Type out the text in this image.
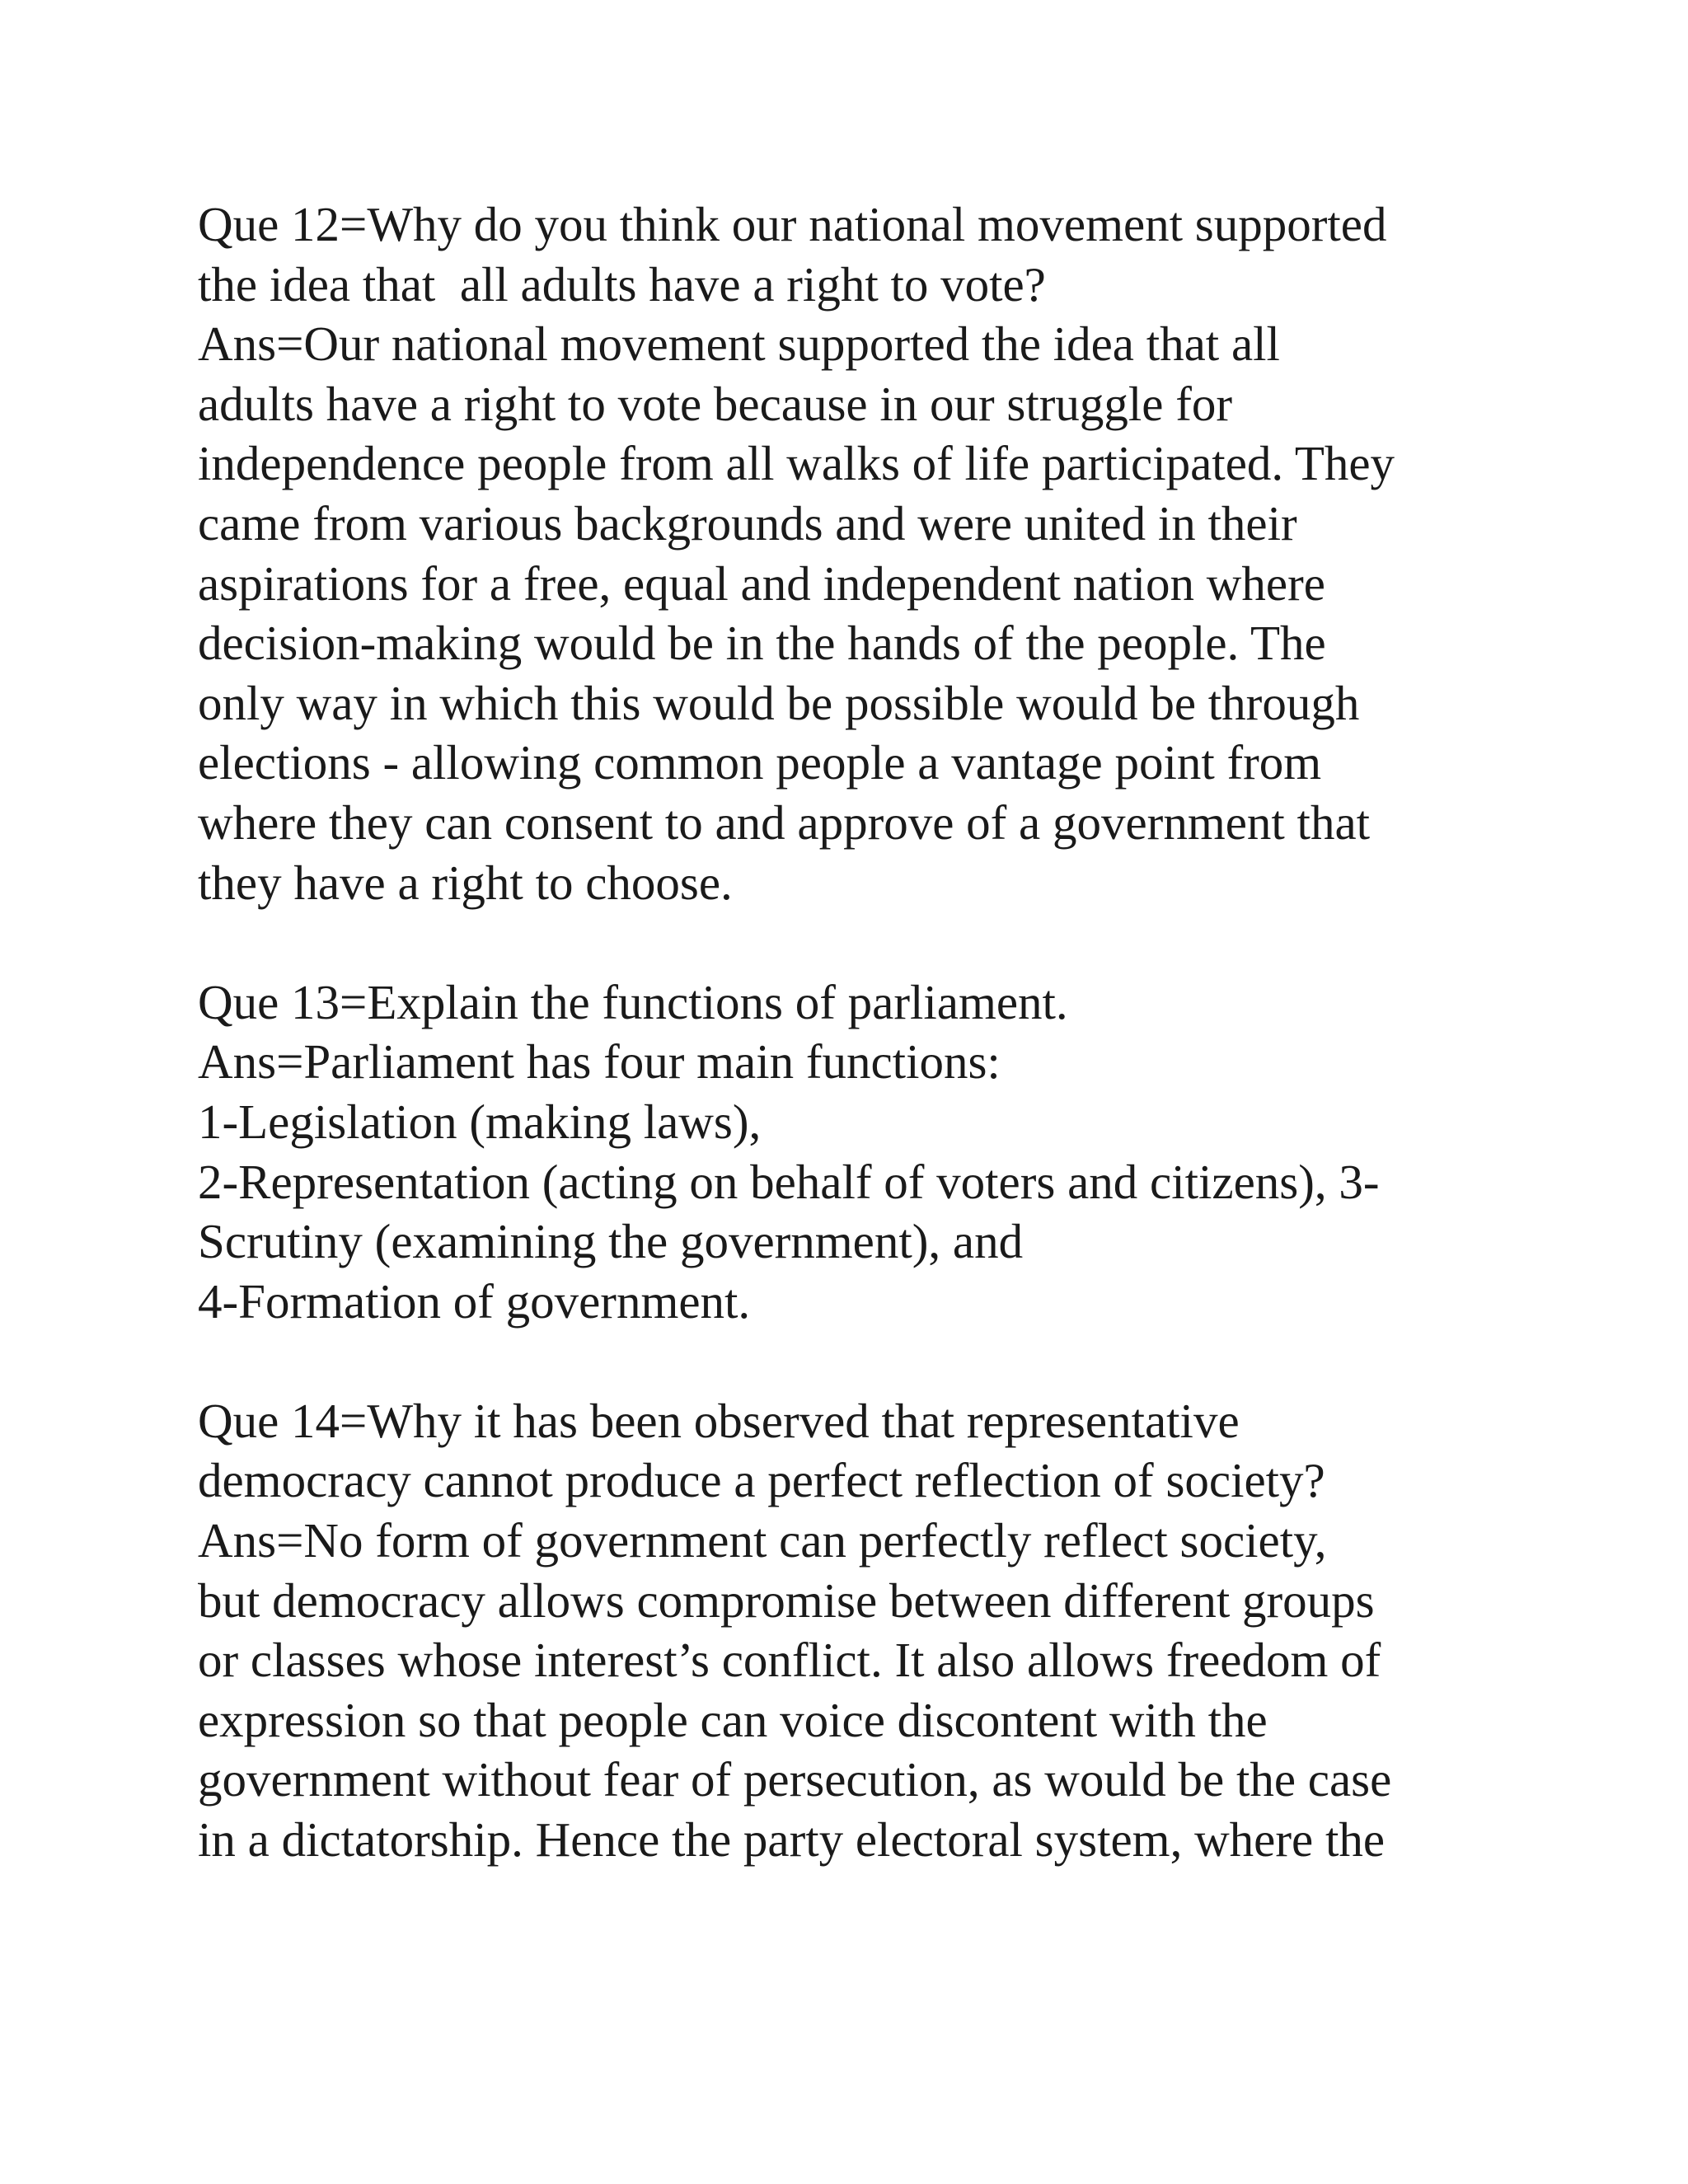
Que 12=Why do you think our national movement supported
the idea that  all adults have a right to vote?
Ans=Our national movement supported the idea that all
adults have a right to vote because in our struggle for
independence people from all walks of life participated. They
came from various backgrounds and were united in their
aspirations for a free, equal and independent nation where
decision-making would be in the hands of the people. The
only way in which this would be possible would be through
elections - allowing common people a vantage point from
where they can consent to and approve of a government that
they have a right to choose.
Que 13=Explain the functions of parliament.
Ans=Parliament has four main functions:
1-Legislation (making laws),
2-Representation (acting on behalf of voters and citizens), 3-
Scrutiny (examining the government), and
4-Formation of government.
Que 14=Why it has been observed that representative
democracy cannot produce a perfect reflection of society?
Ans=No form of government can perfectly reflect society,
but democracy allows compromise between different groups
or classes whose interest’s conflict. It also allows freedom of
expression so that people can voice discontent with the
government without fear of persecution, as would be the case
in a dictatorship. Hence the party electoral system, where the
